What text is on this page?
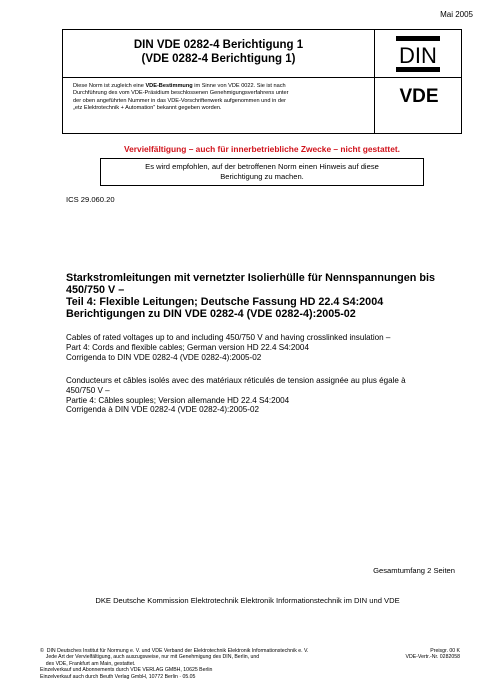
Mai 2005
DIN VDE 0282-4 Berichtigung 1
(VDE 0282-4 Berichtigung 1)
Diese Norm ist zugleich eine VDE-Bestimmung im Sinne von VDE 0022. Sie ist nach
Durchführung des vom VDE-Präsidium beschlossenen Genehmigungsverfahrens unter
der oben angeführten Nummer in das VDE-Vorschriftenwerk aufgenommen und in der
„etz Elektrotechnik + Automation“ bekannt gegeben worden.
DIN
VDE
Vervielfältigung – auch für innerbetriebliche Zwecke – nicht gestattet.
Es wird empfohlen, auf der betroffenen Norm einen Hinweis auf diese
Berichtigung zu machen.
ICS 29.060.20
Starkstromleitungen mit vernetzter Isolierhülle für Nennspannungen bis
450/750 V –
Teil 4: Flexible Leitungen; Deutsche Fassung HD 22.4 S4:2004
Berichtigungen zu DIN VDE 0282-4 (VDE 0282-4):2005-02
Cables of rated voltages up to and including 450/750 V and having crosslinked insulation –
Part 4: Cords and flexible cables; German version HD 22.4 S4:2004
Corrigenda to DIN VDE 0282-4 (VDE 0282-4):2005-02
Conducteurs et câbles isolés avec des matériaux réticulés de tension assignée au plus égale à
450/750 V –
Partie 4: Câbles souples; Version allemande HD 22.4 S4:2004
Corrigenda à DIN VDE 0282-4 (VDE 0282-4):2005-02
Gesamtumfang 2 Seiten
DKE Deutsche Kommission Elektrotechnik Elektronik Informationstechnik im DIN und VDE
©  DIN Deutsches Institut für Normung e. V. und VDE Verband der Elektrotechnik Elektronik Informationstechnik e. V.
Jede Art der Vervielfältigung, auch auszugsweise, nur mit Genehmigung des DIN, Berlin, und
des VDE, Frankfurt am Main, gestattet.
Einzelverkauf und Abonnements durch VDE VERLAG GMBH, 10625 Berlin
Einzelverkauf auch durch Beuth Verlag GmbH, 10772 Berlin · 05.05
Preisgr. 00 K
VDE-Vertr.-Nr. 0282058
